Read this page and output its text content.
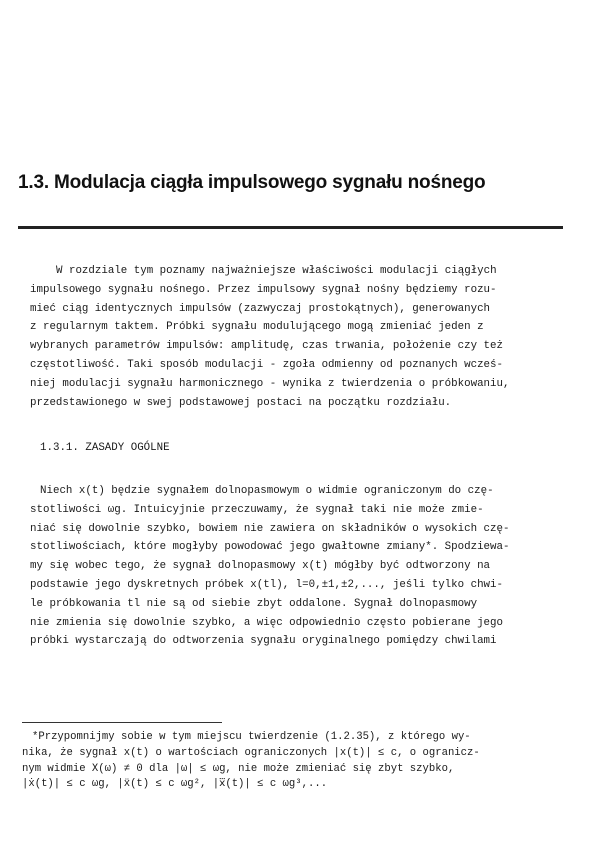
1.3. Modulacja ciągła impulsowego sygnału nośnego
W rozdziale tym poznamy najważniejsze właściwości modulacji ciągłych
impulsowego sygnału nośnego. Przez impulsowy sygnał nośny będziemy rozu-
mieć ciąg identycznych impulsów (zazwyczaj prostokątnych), generowanych
z regularnym taktem. Próbki sygnału modulującego mogą zmieniać jeden z
wybranych parametrów impulsów: amplitudę, czas trwania, położenie czy też
częstotliwość. Taki sposób modulacji - zgoła odmienny od poznanych wcześ-
niej modulacji sygnału harmonicznego - wynika z twierdzenia o próbkowaniu,
przedstawionego w swej podstawowej postaci na początku rozdziału.
1.3.1. ZASADY OGÓLNE
Niech x(t) będzie sygnałem dolnopasmowym o widmie ograniczonym do czę-
stotliwości ωg. Intuicyjnie przeczuwamy, że sygnał taki nie może zmie-
niać się dowolnie szybko, bowiem nie zawiera on składników o wysokich czę-
stotliwościach, które mogłyby powodować jego gwałtowne zmiany*. Spodziewa-
my się wobec tego, że sygnał dolnopasmowy x(t) mógłby być odtworzony na
podstawie jego dyskretnych próbek x(tl), l=0,±1,±2,..., jeśli tylko chwi-
le próbkowania tl nie są od siebie zbyt oddalone. Sygnał dolnopasmowy
nie zmienia się dowolnie szybko, a więc odpowiednio często pobierane jego
próbki wystarczają do odtworzenia sygnału oryginalnego pomiędzy chwilami
*Przypomnijmy sobie w tym miejscu twierdzenie (1.2.35), z którego wy-
nika, że sygnał x(t) o wartościach ograniczonych |x(t)| ≤ c, o ogranicz-
nym widmie X(ω) ≠ 0 dla |ω| ≤ ωg, nie może zmieniać się zbyt szybko,
|ẋ(t)| ≤ c ωg, |ẍ(t) ≤ c ωg², |x⃛(t)| ≤ c ωg³,...
